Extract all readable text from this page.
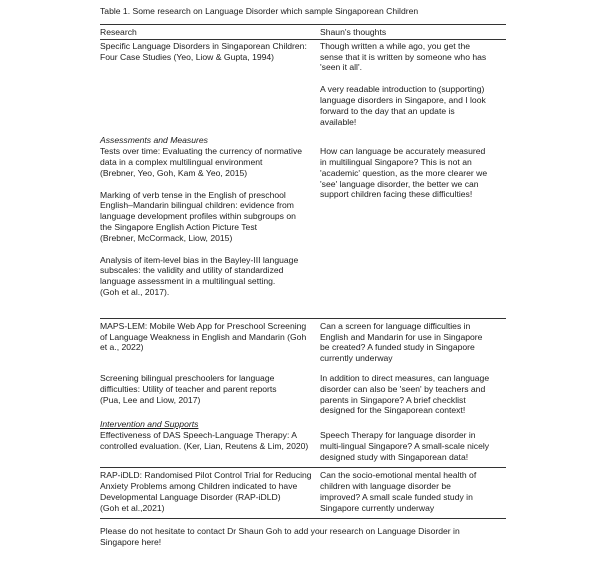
Table 1. Some research on Language Disorder which sample Singaporean Children
Research	Shaun's thoughts

Specific Language Disorders in Singaporean Children:

Four Case Studies (Yeo, Liow & Gupta, 1994)

Though written a while ago, you get the

sense that it is written by someone who has

'seen it all'.

A very readable introduction to (supporting)

language disorders in Singapore, and I look

forward to the day that an update is

available!

Assessments and Measures

Tests over time: Evaluating the currency of normative

data in a complex multilingual environment

(Brebner, Yeo, Goh, Kam & Yeo, 2015)

Marking of verb tense in the English of preschool

English–Mandarin bilingual children: evidence from

language development profiles within subgroups on

the Singapore English Action Picture Test

(Brebner, McCormack, Liow, 2015)

Analysis of item-level bias in the Bayley-III language

subscales: the validity and utility of standardized

language assessment in a multilingual setting.

(Goh et al., 2017).

How can language be accurately measured

in multilingual Singapore? This is not an

'academic' question, as the more clearer we

'see' language disorder, the better we can

support children facing these difficulties!

MAPS-LEM: Mobile Web App for Preschool Screening

of Language Weakness in English and Mandarin (Goh

et a., 2022)

Can a screen for language difficulties in

English and Mandarin for use in Singapore

be created? A funded study in Singapore

currently underway

Screening bilingual preschoolers for language

difficulties: Utility of teacher and parent reports

(Pua, Lee and Liow, 2017)

In addition to direct measures, can language

disorder can also be 'seen' by teachers and

parents in Singapore? A brief checklist

designed for the Singaporean context!

Intervention and Supports

Effectiveness of DAS Speech-Language Therapy: A

controlled evaluation. (Ker, Lian, Reutens & Lim, 2020)

Speech Therapy for language disorder in

multi-lingual Singapore? A small-scale nicely

designed study with Singaporean data!

RAP-iDLD: Randomised Pilot Control Trial for Reducing

Anxiety Problems among Children indicated to have

Developmental Language Disorder (RAP-iDLD)

(Goh et al.,2021)

Can the socio-emotional mental health of

children with language disorder be

improved? A small scale funded study in

Singapore currently underway

Please do not hesitate to contact Dr Shaun Goh to add your research on Language Disorder in

Singapore here!
